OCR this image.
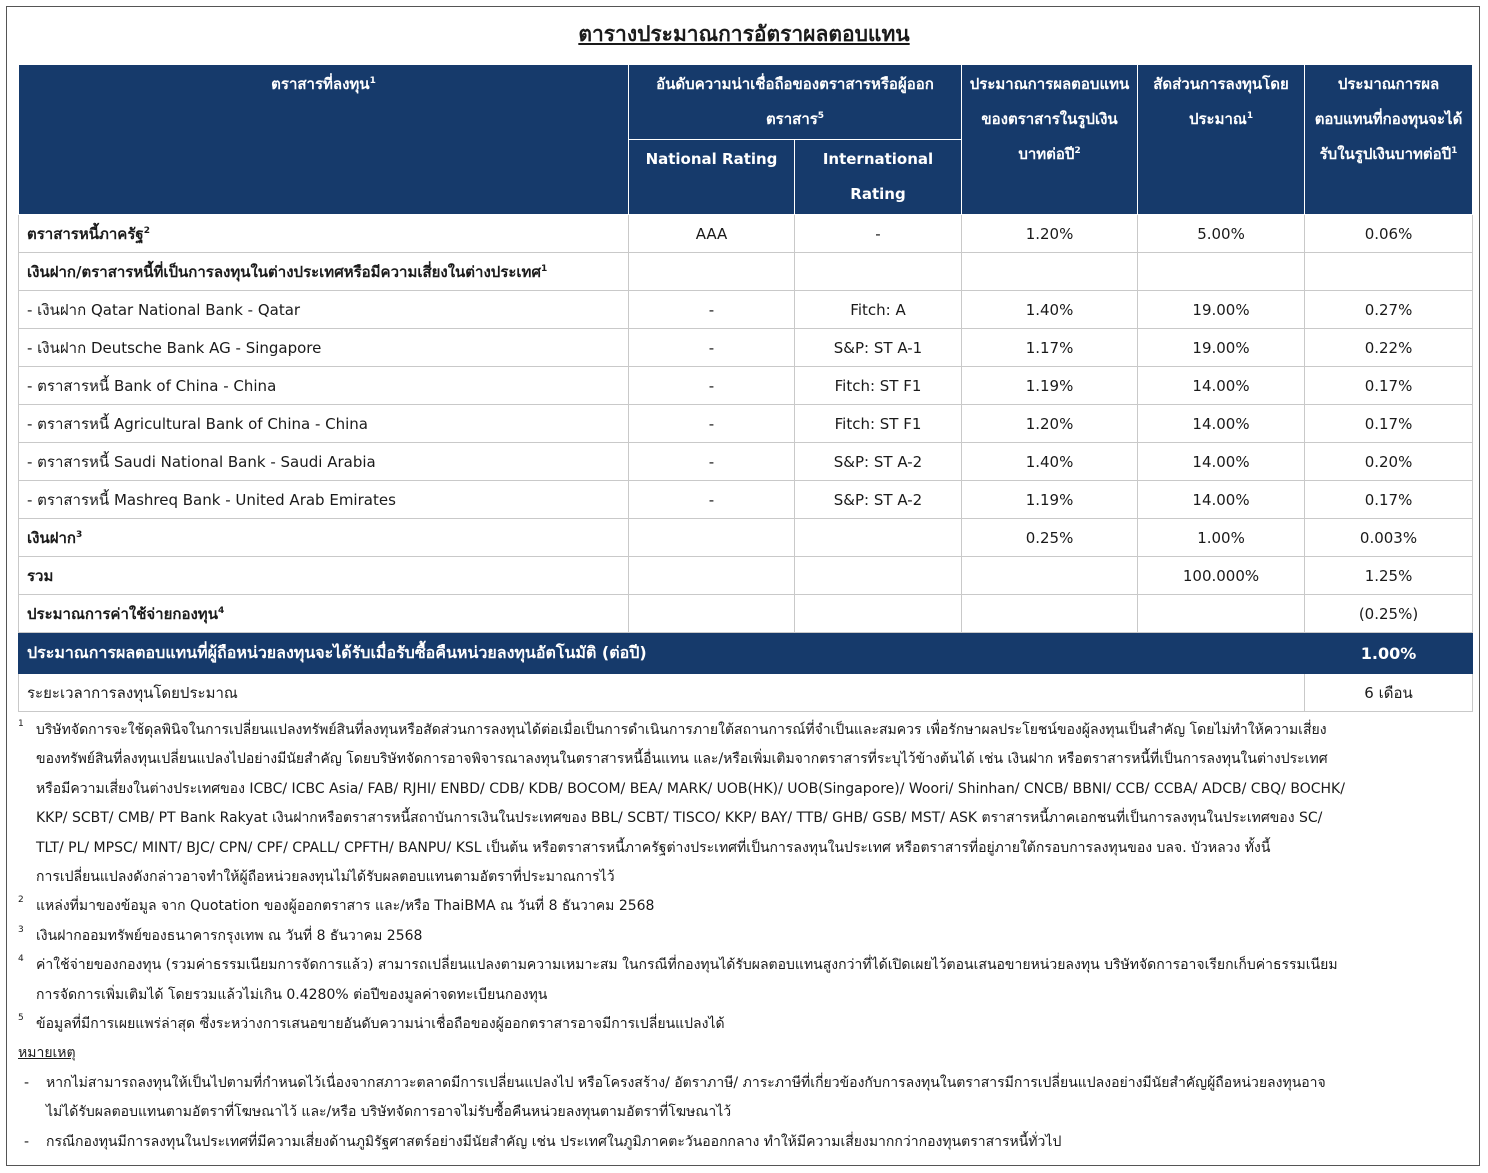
ตารางประมาณการอัตราผลตอบแทน
ตราสารที่ลงทุน$^1$	อันดับความน่าเชื่อถือของตราสารหรือผู้ออกตราสาร$^5$		ประมาณการผลตอบแทนของตราสารในรูปเงินบาทต่อปี$^2$	สัดส่วนการลงทุนโดยประมาณ$^1$	ประมาณการผลตอบแทนที่กองทุนจะได้รับในรูปเงินบาทต่อปี$^1$
	National Rating	International Rating			
ตราสารหนี้ภาครัฐ$^2$	AAA	-	1.20%	5.00%	0.06%
เงินฝาก/ตราสารหนี้ที่เป็นการลงทุนในต่างประเทศหรือมีความเสี่ยงในต่างประเทศ$^1$					
- เงินฝาก Qatar National Bank - Qatar	-	Fitch: A	1.40%	19.00%	0.27%
- เงินฝาก Deutsche Bank AG - Singapore	-	S&P: ST A-1	1.17%	19.00%	0.22%
- ตราสารหนี้ Bank of China - China	-	Fitch: ST F1	1.19%	14.00%	0.17%
- ตราสารหนี้ Agricultural Bank of China - China	-	Fitch: ST F1	1.20%	14.00%	0.17%
- ตราสารหนี้ Saudi National Bank - Saudi Arabia	-	S&P: ST A-2	1.40%	14.00%	0.20%
- ตราสารหนี้ Mashreq Bank - United Arab Emirates	-	S&P: ST A-2	1.19%	14.00%	0.17%
เงินฝาก$^3$			0.25%	1.00%	0.003%
รวม				100.000%	1.25%
ประมาณการค่าใช้จ่ายกองทุน$^4$					(0.25%)
ประมาณการผลตอบแทนที่ผู้ถือหน่วยลงทุนจะได้รับเมื่อรับซื้อคืนหน่วยลงทุนอัตโนมัติ (ต่อปี)					1.00%
ระยะเวลาการลงทุนโดยประมาณ					6 เดือน
1 บริษัทจัดการจะใช้ดุลพินิจในการเปลี่ยนแปลงทรัพย์สินที่ลงทุนหรือสัดส่วนการลงทุนได้ต่อเมื่อเป็นการดำเนินการภายใต้สถานการณ์ที่จำเป็นและสมควร เพื่อรักษาผลประโยชน์ของผู้ลงทุนเป็นสำคัญ โดยไม่ทำให้ความเสี่ยง
ของทรัพย์สินที่ลงทุนเปลี่ยนแปลงไปอย่างมีนัยสำคัญ โดยบริษัทจัดการอาจพิจารณาลงทุนในตราสารหนี้อื่นแทน และ/หรือเพิ่มเติมจากตราสารที่ระบุไว้ข้างต้นได้ เช่น เงินฝาก หรือตราสารหนี้ที่เป็นการลงทุนในต่างประเทศ
หรือมีความเสี่ยงในต่างประเทศของ ICBC/ ICBC Asia/ FAB/ RJHI/ ENBD/ CDB/ KDB/ BOCOM/ BEA/ MARK/ UOB(HK)/ UOB(Singapore)/ Woori/ Shinhan/ CNCB/ BBNI/ CCB/ CCBA/ ADCB/ CBQ/ BOCHK/
KKP/ SCBT/ CMB/ PT Bank Rakyat เงินฝากหรือตราสารหนี้สถาบันการเงินในประเทศของ BBL/ SCBT/ TISCO/ KKP/ BAY/ TTB/ GHB/ GSB/ MST/ ASK ตราสารหนี้ภาคเอกชนที่เป็นการลงทุนในประเทศของ SC/
TLT/ PL/ MPSC/ MINT/ BJC/ CPN/ CPF/ CPALL/ CPFTH/ BANPU/ KSL เป็นต้น หรือตราสารหนี้ภาครัฐต่างประเทศที่เป็นการลงทุนในประเทศ หรือตราสารที่อยู่ภายใต้กรอบการลงทุนของ บลจ. บัวหลวง ทั้งนี้
การเปลี่ยนแปลงดังกล่าวอาจทำให้ผู้ถือหน่วยลงทุนไม่ได้รับผลตอบแทนตามอัตราที่ประมาณการไว้
2 แหล่งที่มาของข้อมูล จาก Quotation ของผู้ออกตราสาร และ/หรือ ThaiBMA ณ วันที่ 8 ธันวาคม 2568
3 เงินฝากออมทรัพย์ของธนาคารกรุงเทพ ณ วันที่ 8 ธันวาคม 2568
4 ค่าใช้จ่ายของกองทุน (รวมค่าธรรมเนียมการจัดการแล้ว) สามารถเปลี่ยนแปลงตามความเหมาะสม ในกรณีที่กองทุนได้รับผลตอบแทนสูงกว่าที่ได้เปิดเผยไว้ตอนเสนอขายหน่วยลงทุน บริษัทจัดการอาจเรียกเก็บค่าธรรมเนียม
การจัดการเพิ่มเติมได้ โดยรวมแล้วไม่เกิน 0.4280% ต่อปีของมูลค่าจดทะเบียนกองทุน
5 ข้อมูลที่มีการเผยแพร่ล่าสุด ซึ่งระหว่างการเสนอขายอันดับความน่าเชื่อถือของผู้ออกตราสารอาจมีการเปลี่ยนแปลงได้
หมายเหตุ
- หากไม่สามารถลงทุนให้เป็นไปตามที่กำหนดไว้เนื่องจากสภาวะตลาดมีการเปลี่ยนแปลงไป หรือโครงสร้าง/ อัตราภาษี/ ภาระภาษีที่เกี่ยวข้องกับการลงทุนในตราสารมีการเปลี่ยนแปลงอย่างมีนัยสำคัญผู้ถือหน่วยลงทุนอาจ
ไม่ได้รับผลตอบแทนตามอัตราที่โฆษณาไว้ และ/หรือ บริษัทจัดการอาจไม่รับซื้อคืนหน่วยลงทุนตามอัตราที่โฆษณาไว้
- กรณีกองทุนมีการลงทุนในประเทศที่มีความเสี่ยงด้านภูมิรัฐศาสตร์อย่างมีนัยสำคัญ เช่น ประเทศในภูมิภาคตะวันออกกลาง ทำให้มีความเสี่ยงมากกว่ากองทุนตราสารหนี้ทั่วไป
